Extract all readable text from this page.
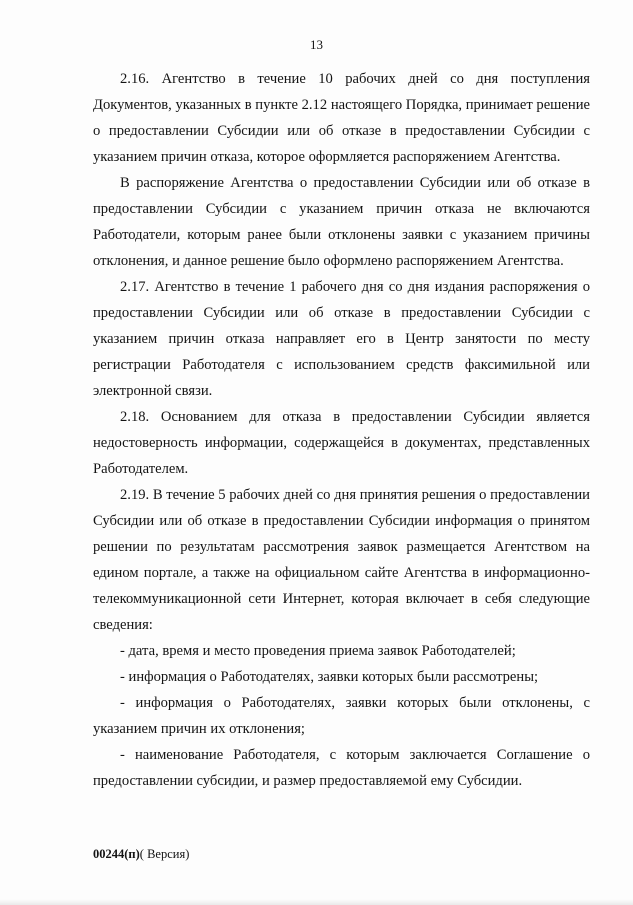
13

2.16. Агентство в течение 10 рабочих дней со дня поступления Документов, указанных в пункте 2.12 настоящего Порядка, принимает решение о предоставлении Субсидии или об отказе в предоставлении Субсидии с указанием причин отказа, которое оформляется распоряжением Агентства.

В распоряжение Агентства о предоставлении Субсидии или об отказе в предоставлении Субсидии с указанием причин отказа не включаются Работодатели, которым ранее были отклонены заявки с указанием причины отклонения, и данное решение было оформлено распоряжением Агентства.

2.17. Агентство в течение 1 рабочего дня со дня издания распоряжения о предоставлении Субсидии или об отказе в предоставлении Субсидии с указанием причин отказа направляет его в Центр занятости по месту регистрации Работодателя с использованием средств факсимильной или электронной связи.

2.18. Основанием для отказа в предоставлении Субсидии является недостоверность информации, содержащейся в документах, представленных Работодателем.

2.19. В течение 5 рабочих дней со дня принятия решения о предоставлении Субсидии или об отказе в предоставлении Субсидии информация о принятом решении по результатам рассмотрения заявок размещается Агентством на едином портале, а также на официальном сайте Агентства в информационно-телекоммуникационной сети Интернет, которая включает в себя следующие сведения:

- дата, время и место проведения приема заявок Работодателей;

- информация о Работодателях, заявки которых были рассмотрены;

- информация о Работодателях, заявки которых были отклонены, с указанием причин их отклонения;

- наименование Работодателя, с которым заключается Соглашение о предоставлении субсидии, и размер предоставляемой ему Субсидии.

00244(п)( Версия)
